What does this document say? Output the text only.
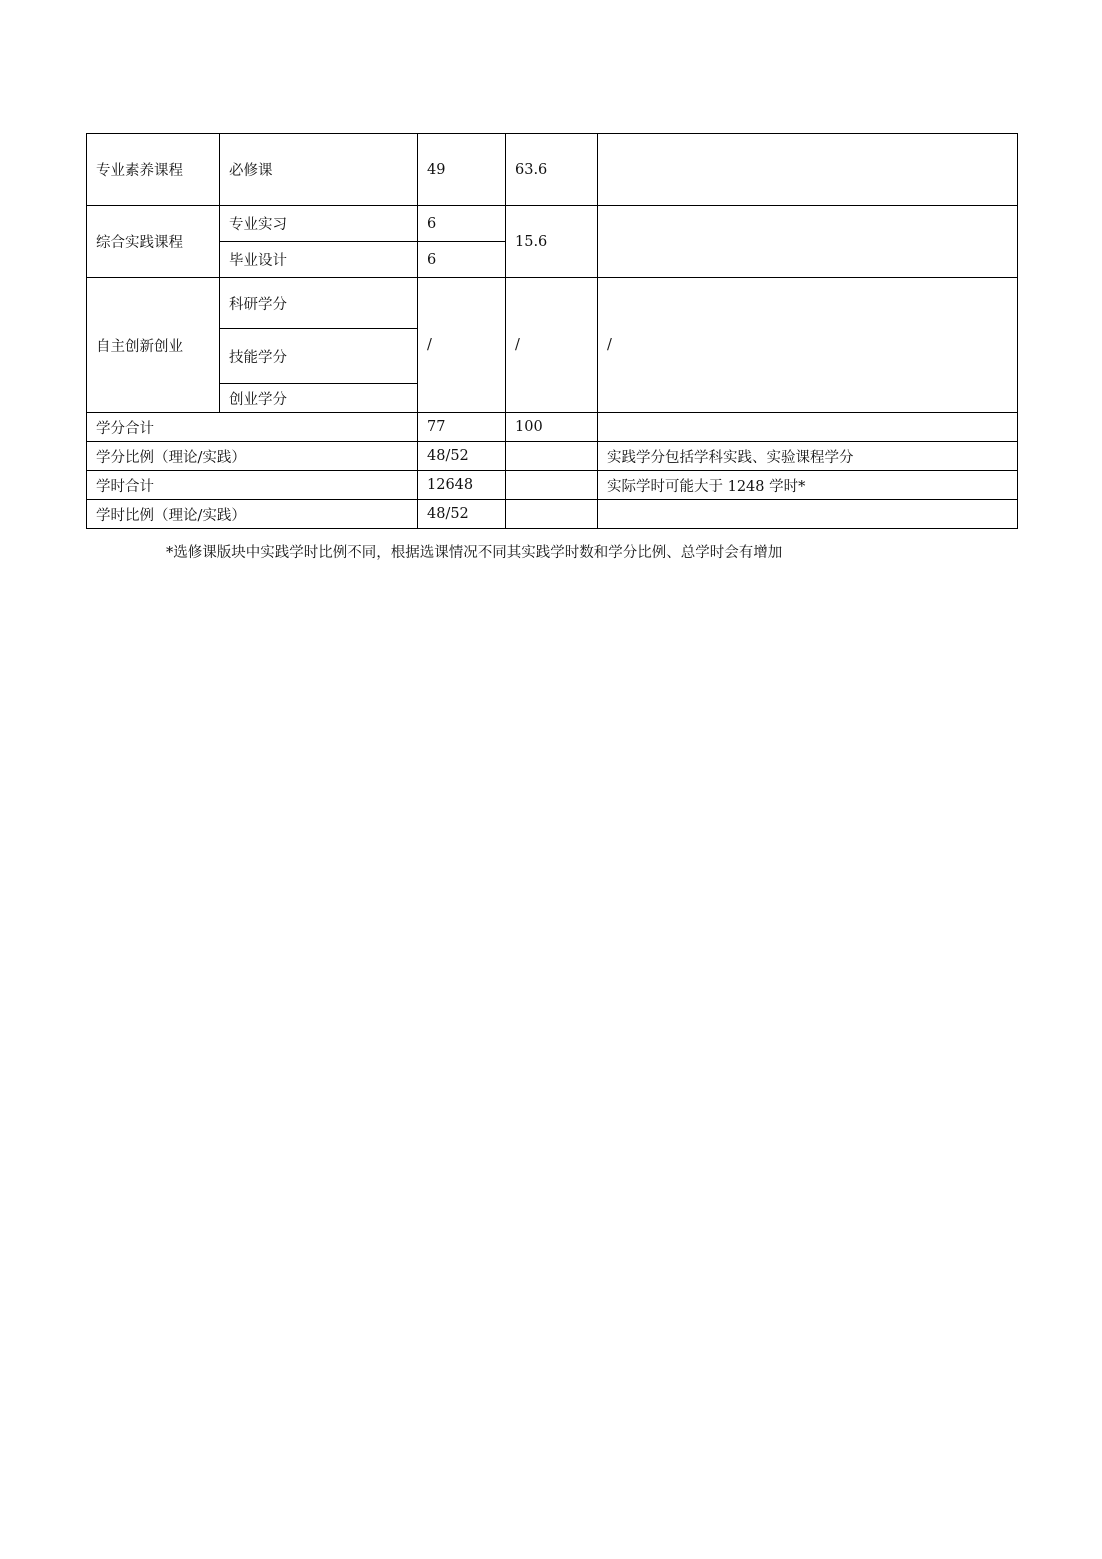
专业素养课程	必修课	49	63.6	
综合实践课程	专业实习	6	15.6	
	毕业设计	6		
自主创新创业	科研学分	/	/	/
	技能学分			
	创业学分			
学分合计		77	100	
学分比例（理论/实践）		48/52		实践学分包括学科实践、实验课程学分
学时合计		12648		实际学时可能大于 1248 学时*
学时比例（理论/实践）		48/52		
*选修课版块中实践学时比例不同，根据选课情况不同其实践学时数和学分比例、总学时会有增加
